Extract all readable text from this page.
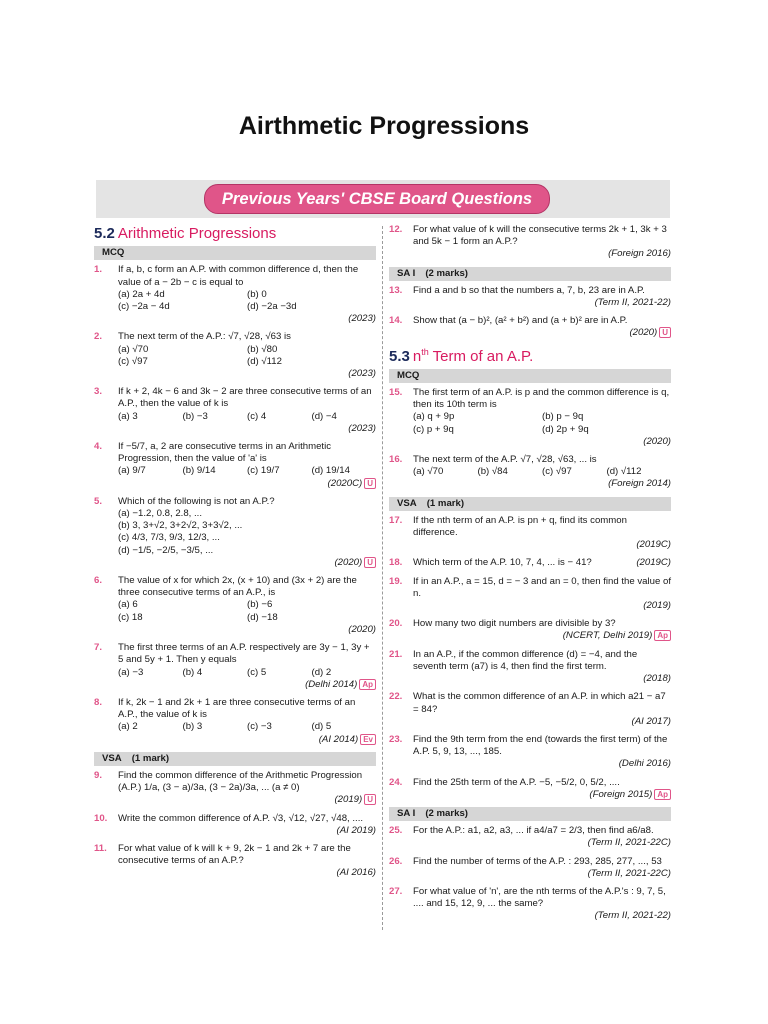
Airthmetic Progressions
Previous Years' CBSE Board Questions
5.2 Arithmetic Progressions
MCQ
1. If a, b, c form an A.P. with common difference d, then the value of a − 2b − c is equal to
(a) 2a + 4d	(b) 0
(c) −2a − 4d	(d) −2a −3d
(2023)
2. The next term of the A.P.: √7, √28, √63 is
(a) √70	(b) √80
(c) √97	(d) √112
(2023)
3. If k + 2, 4k − 6 and 3k − 2 are three consecutive terms of an A.P., then the value of k is
(a) 3	(b) −3	(c) 4	(d) −4
(2023)
4. If −5/7, a, 2 are consecutive terms in an Arithmetic Progression, then the value of 'a' is
(a) 9/7	(b) 9/14	(c) 19/7	(d) 19/14
(2020C) U
5. Which of the following is not an A.P.?
(a) −1.2, 0.8, 2.8, ...
(b) 3, 3+√2, 3+2√2, 3+3√2, ...
(c) 4/3, 7/3, 9/3, 12/3, ...
(d) −1/5, −2/5, −3/5, ...
(2020) U
6. The value of x for which 2x, (x + 10) and (3x + 2) are the three consecutive terms of an A.P., is
(a) 6	(b) −6
(c) 18	(d) −18
(2020)
7. The first three terms of an A.P. respectively are 3y − 1, 3y + 5 and 5y + 1. Then y equals
(a) −3	(b) 4	(c) 5	(d) 2
(Delhi 2014) Ap
8. If k, 2k − 1 and 2k + 1 are three consecutive terms of an A.P., the value of k is
(a) 2	(b) 3	(c) −3	(d) 5
(AI 2014) Ev
VSA (1 mark)
9. Find the common difference of the Arithmetic Progression (A.P.) 1/a, (3 − a)/3a, (3 − 2a)/3a, ... (a ≠ 0)
(2019) U
10. Write the common difference of A.P. √3, √12, √27, √48, ....
(AI 2019)
11. For what value of k will k + 9, 2k − 1 and 2k + 7 are the consecutive terms of an A.P.?
(AI 2016)
12. For what value of k will the consecutive terms 2k + 1, 3k + 3 and 5k − 1 form an A.P.?
(Foreign 2016)
SA I (2 marks)
13. Find a and b so that the numbers a, 7, b, 23 are in A.P.
(Term II, 2021-22)
14. Show that (a − b)², (a² + b²) and (a + b)² are in A.P.
(2020) U
5.3 $n^{th}$ Term of an A.P.
MCQ
15. The first term of an A.P. is p and the common difference is q, then its 10th term is
(a) q + 9p	(b) p − 9q
(c) p + 9q	(d) 2p + 9q
(2020)
16. The next term of the A.P. √7, √28, √63, ... is
(a) √70	(b) √84	(c) √97	(d) √112
(Foreign 2014)
VSA (1 mark)
17. If the nth term of an A.P. is pn + q, find its common difference.
(2019C)
18. Which term of the A.P. 10, 7, 4, ... is − 41?	(2019C)
19. If in an A.P., a = 15, d = − 3 and an = 0, then find the value of n.
(2019)
20. How many two digit numbers are divisible by 3?
(NCERT, Delhi 2019) Ap
21. In an A.P., if the common difference (d) = −4, and the seventh term (a7) is 4, then find the first term.
(2018)
22. What is the common difference of an A.P. in which a21 − a7 = 84?
(AI 2017)
23. Find the 9th term from the end (towards the first term) of the A.P. 5, 9, 13, ..., 185.
(Delhi 2016)
24. Find the 25th term of the A.P. −5, −5/2, 0, 5/2, ....
(Foreign 2015) Ap
SA I (2 marks)
25. For the A.P.: a1, a2, a3, ... if a4/a7 = 2/3, then find a6/a8.
(Term II, 2021-22C)
26. Find the number of terms of the A.P. : 293, 285, 277, ..., 53
(Term II, 2021-22C)
27. For what value of 'n', are the nth terms of the A.P.'s : 9, 7, 5, .... and 15, 12, 9, ... the same?
(Term II, 2021-22)
